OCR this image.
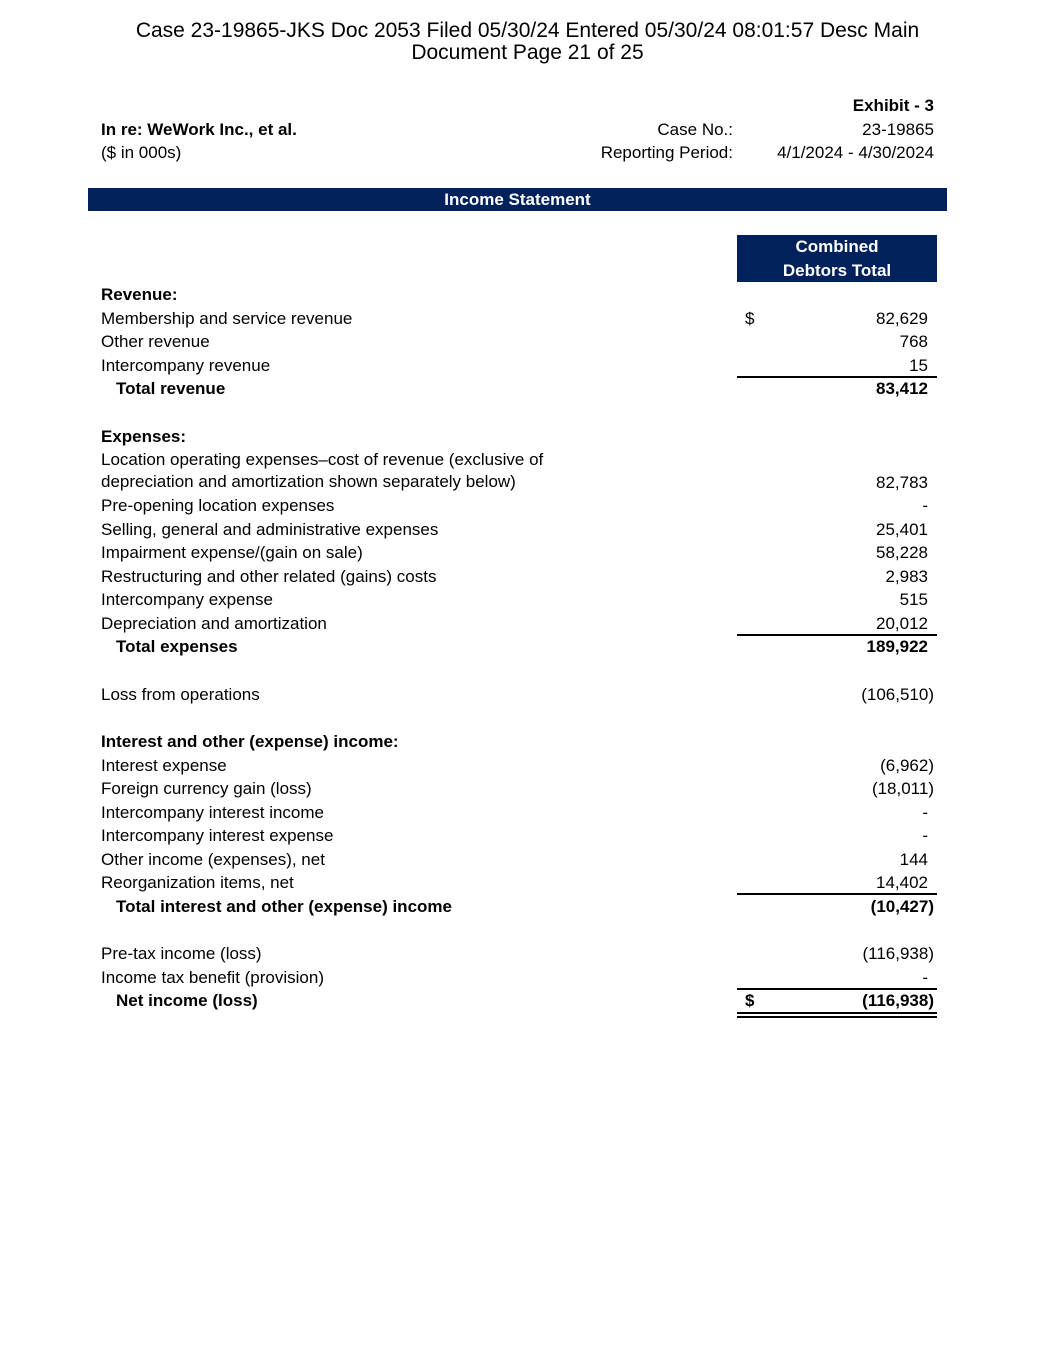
Case 23-19865-JKS Doc 2053 Filed 05/30/24 Entered 05/30/24 08:01:57 Desc Main
Document Page 21 of 25
Exhibit - 3
In re: WeWork Inc., et al.
($ in 000s)
Case No.:	23-19865
Reporting Period:	4/1/2024 - 4/30/2024
Income Statement
Combined
Debtors Total
Revenue:
Membership and service revenue	$	82,629
Other revenue	768
Intercompany revenue	15
Total revenue	83,412
Expenses:
Location operating expenses–cost of revenue (exclusive of
depreciation and amortization shown separately below)	82,783
Pre-opening location expenses	-
Selling, general and administrative expenses	25,401
Impairment expense/(gain on sale)	58,228
Restructuring and other related (gains) costs	2,983
Intercompany expense	515
Depreciation and amortization	20,012
Total expenses	189,922
Loss from operations	(106,510)
Interest and other (expense) income:
Interest expense	(6,962)
Foreign currency gain (loss)	(18,011)
Intercompany interest income	-
Intercompany interest expense	-
Other income (expenses), net	144
Reorganization items, net	14,402
Total interest and other (expense) income	(10,427)
Pre-tax income (loss)	(116,938)
Income tax benefit (provision)	-
Net income (loss)	$	(116,938)
